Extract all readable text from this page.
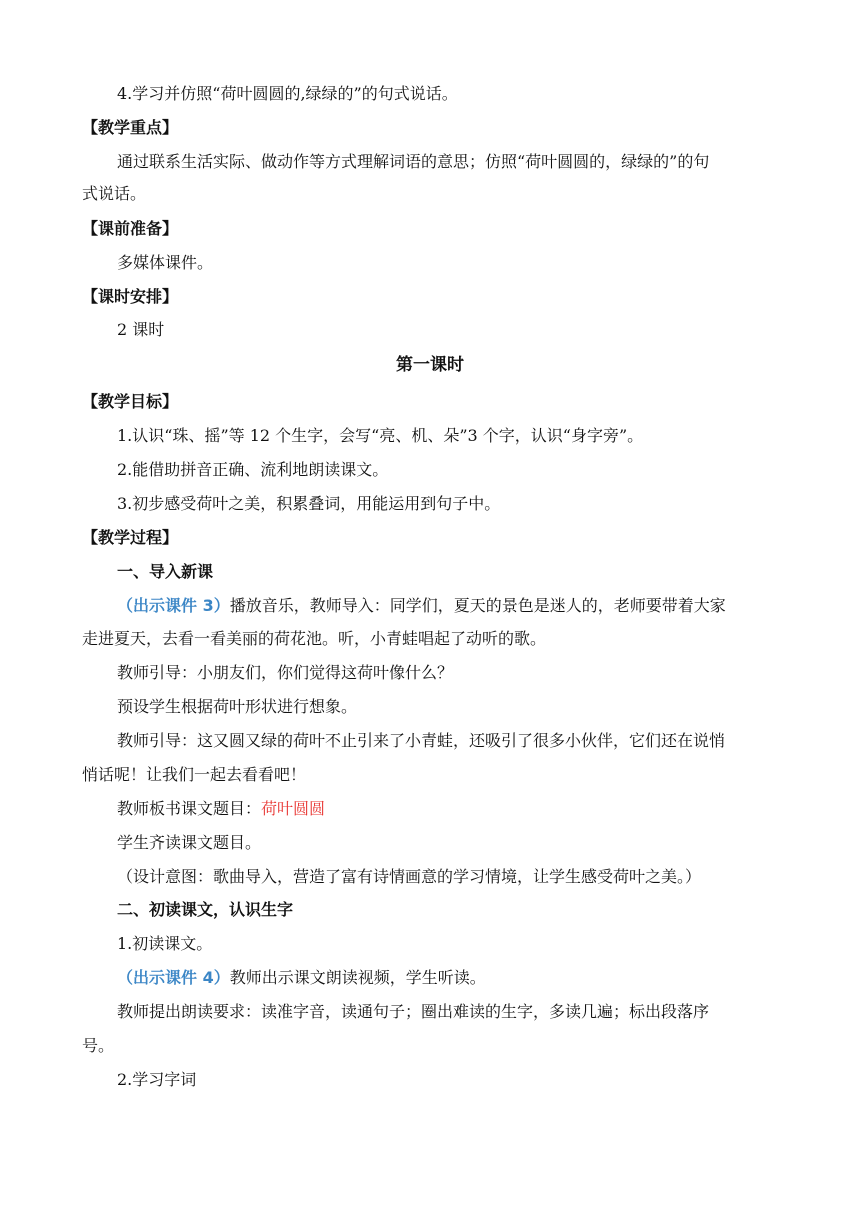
4.学习并仿照“荷叶圆圆的,绿绿的”的句式说话。
【教学重点】
通过联系生活实际、做动作等方式理解词语的意思；仿照“荷叶圆圆的，绿绿的”的句
式说话。
【课前准备】
多媒体课件。
【课时安排】
2 课时
第一课时
【教学目标】
1.认识“珠、摇”等 12 个生字，会写“亮、机、朵”3 个字，认识“身字旁”。
2.能借助拼音正确、流利地朗读课文。
3.初步感受荷叶之美，积累叠词，用能运用到句子中。
【教学过程】
一、导入新课
（出示课件 3）播放音乐，教师导入：同学们，夏天的景色是迷人的，老师要带着大家
走进夏天，去看一看美丽的荷花池。听，小青蛙唱起了动听的歌。
教师引导：小朋友们，你们觉得这荷叶像什么？
预设学生根据荷叶形状进行想象。
教师引导：这又圆又绿的荷叶不止引来了小青蛙，还吸引了很多小伙伴，它们还在说悄
悄话呢！让我们一起去看看吧！
教师板书课文题目：荷叶圆圆
学生齐读课文题目。
（设计意图：歌曲导入，营造了富有诗情画意的学习情境，让学生感受荷叶之美。）
二、初读课文，认识生字
1.初读课文。
（出示课件 4）教师出示课文朗读视频，学生听读。
教师提出朗读要求：读准字音，读通句子；圈出难读的生字，多读几遍；标出段落序
号。
2.学习字词
